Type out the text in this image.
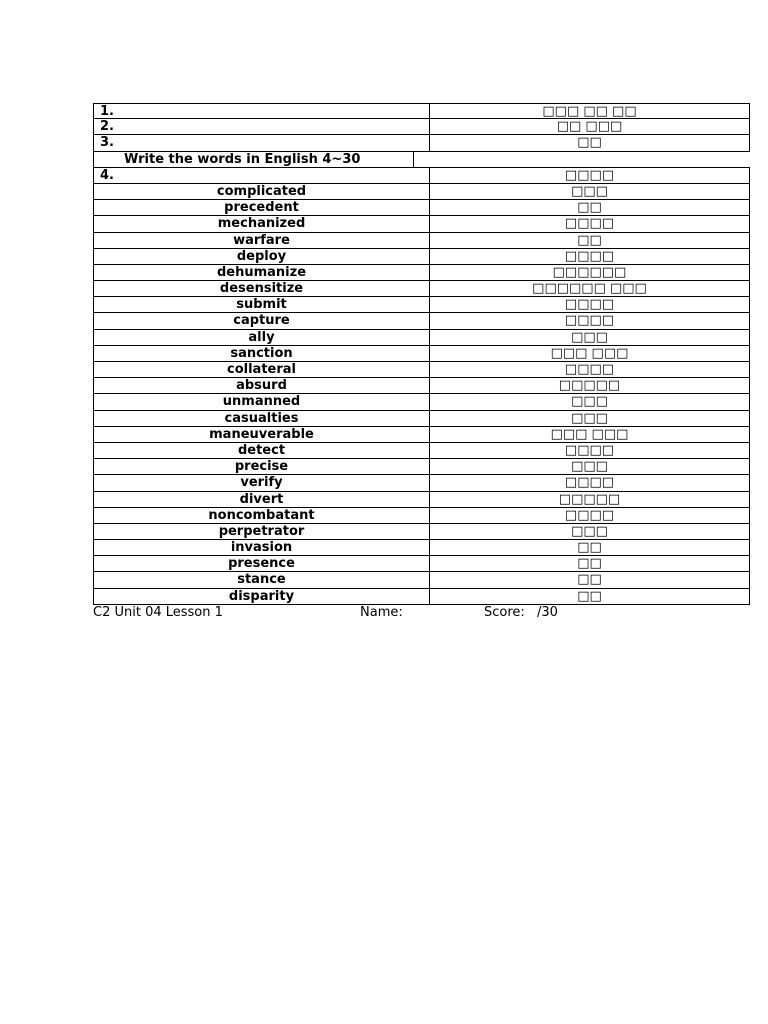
1.	□□□ □□ □□
2.	□□ □□□
3.	□□
Write the words in English 4~30
4.	□□□□
complicated	□□□
precedent	□□
mechanized	□□□□
warfare	□□
deploy	□□□□
dehumanize	□□□□□□
desensitize	□□□□□□ □□□
submit	□□□□
capture	□□□□
ally	□□□
sanction	□□□ □□□
collateral	□□□□
absurd	□□□□□
unmanned	□□□
casualties	□□□
maneuverable	□□□ □□□
detect	□□□□
precise	□□□
verify	□□□□
divert	□□□□□
noncombatant	□□□□
perpetrator	□□□
invasion	□□
presence	□□
stance	□□
disparity	□□
C2 Unit 04 Lesson 1	Name:	Score: /30
